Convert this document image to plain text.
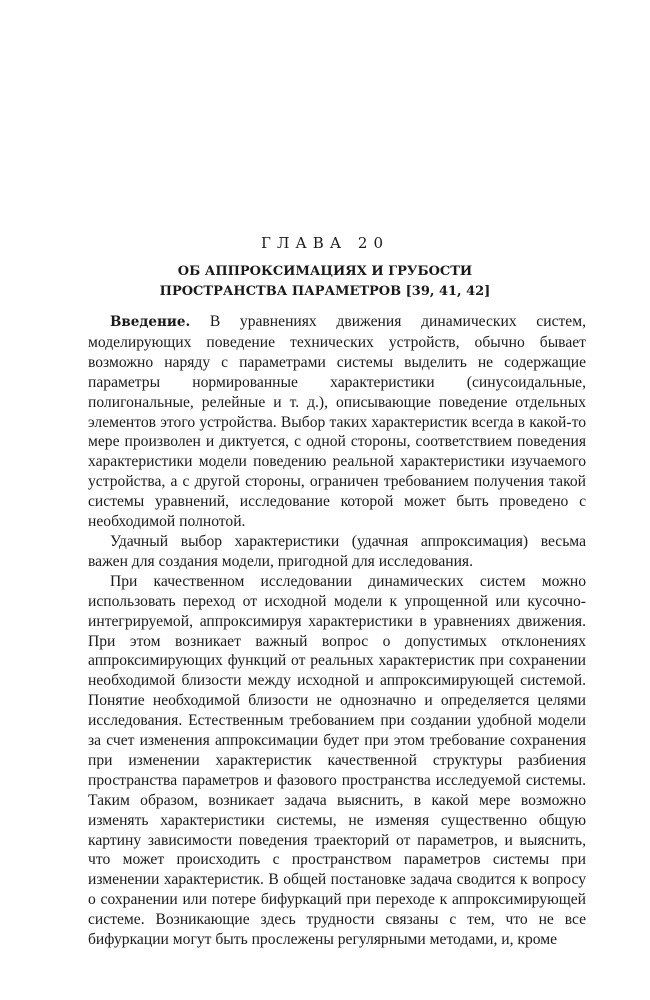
ГЛАВА 20
ОБ АППРОКСИМАЦИЯХ И ГРУБОСТИ
ПРОСТРАНСТВА ПАРАМЕТРОВ [39, 41, 42]

Введение. В уравнениях движения динамических систем, моделирующих поведение технических устройств, обычно бывает возможно наряду с параметрами системы выделить не содержащие параметры нормированные характеристики (синусоидальные, полигональные, релейные и т. д.), описывающие поведение отдельных элементов этого устройства. Выбор таких характеристик всегда в какой-то мере произволен и диктуется, с одной стороны, соответствием поведения характеристики модели поведению реальной характеристики изучаемого устройства, а с другой стороны, ограничен требованием получения такой системы уравнений, исследование которой может быть проведено с необходимой полнотой.

Удачный выбор характеристики (удачная аппроксимация) весьма важен для создания модели, пригодной для исследования.

При качественном исследовании динамических систем можно использовать переход от исходной модели к упрощенной или кусочно-интегрируемой, аппроксимируя характеристики в уравнениях движения. При этом возникает важный вопрос о допустимых отклонениях аппроксимирующих функций от реальных характеристик при сохранении необходимой близости между исходной и аппроксимирующей системой. Понятие необходимой близости не однозначно и определяется целями исследования. Естественным требованием при создании удобной модели за счет изменения аппроксимации будет при этом требование сохранения при изменении характеристик качественной структуры разбиения пространства параметров и фазового пространства исследуемой системы. Таким образом, возникает задача выяснить, в какой мере возможно изменять характеристики системы, не изменяя существенно общую картину зависимости поведения траекторий от параметров, и выяснить, что может происходить с пространством параметров системы при изменении характеристик. В общей постановке задача сводится к вопросу о сохранении или потере бифуркаций при переходе к аппроксимирующей системе. Возникающие здесь трудности связаны с тем, что не все бифуркации могут быть прослежены регулярными методами, и, кроме
